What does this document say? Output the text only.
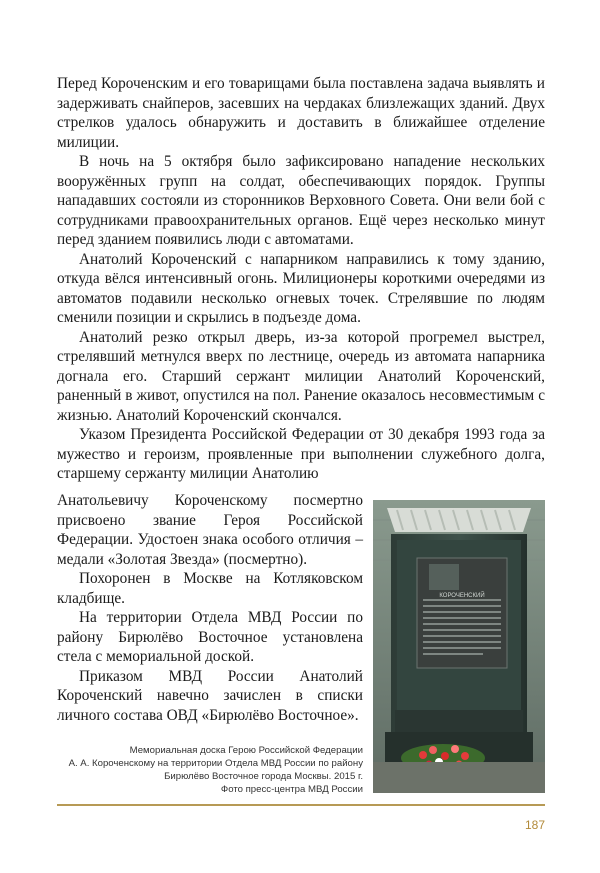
Перед Короченским и его товарищами была поставлена задача выявлять и задерживать снайперов, засевших на чердаках близлежащих зданий. Двух стрелков удалось обнаружить и доставить в ближайшее отделение милиции.

В ночь на 5 октября было зафиксировано нападение нескольких вооружённых групп на солдат, обеспечивающих порядок. Группы нападавших состояли из сторонников Верховного Совета. Они вели бой с сотрудниками правоохранительных органов. Ещё через несколько минут перед зданием появились люди с автоматами.

Анатолий Короченский с напарником направились к тому зданию, откуда вёлся интенсивный огонь. Милиционеры короткими очередями из автоматов подавили несколько огневых точек. Стрелявшие по людям сменили позиции и скрылись в подъезде дома.

Анатолий резко открыл дверь, из-за которой прогремел выстрел, стрелявший метнулся вверх по лестнице, очередь из автомата напарника догнала его. Старший сержант милиции Анатолий Короченский, раненный в живот, опустился на пол. Ранение оказалось несовместимым с жизнью. Анатолий Короченский скончался.

Указом Президента Российской Федерации от 30 декабря 1993 года за мужество и героизм, проявленные при выполнении служебного долга, старшему сержанту милиции Анатолию

Анатольевичу Короченскому посмертно присвоено звание Героя Российской Федерации. Удостоен знака особого отличия – медали «Золотая Звезда» (посмертно).

Похоронен в Москве на Котляковском кладбище.

На территории Отдела МВД России по району Бирюлёво Восточное установлена стела с мемориальной доской.

Приказом МВД России Анатолий Короченский навечно зачислен в списки личного состава ОВД «Бирюлёво Восточное».

КОРОЧЕНСКИЙ
Мемориальная доска Герою Российской Федерации
А. А. Короченскому на территории Отдела МВД России по району
Бирюлёво Восточное города Москвы. 2015 г.
Фото пресс-центра МВД России
187
